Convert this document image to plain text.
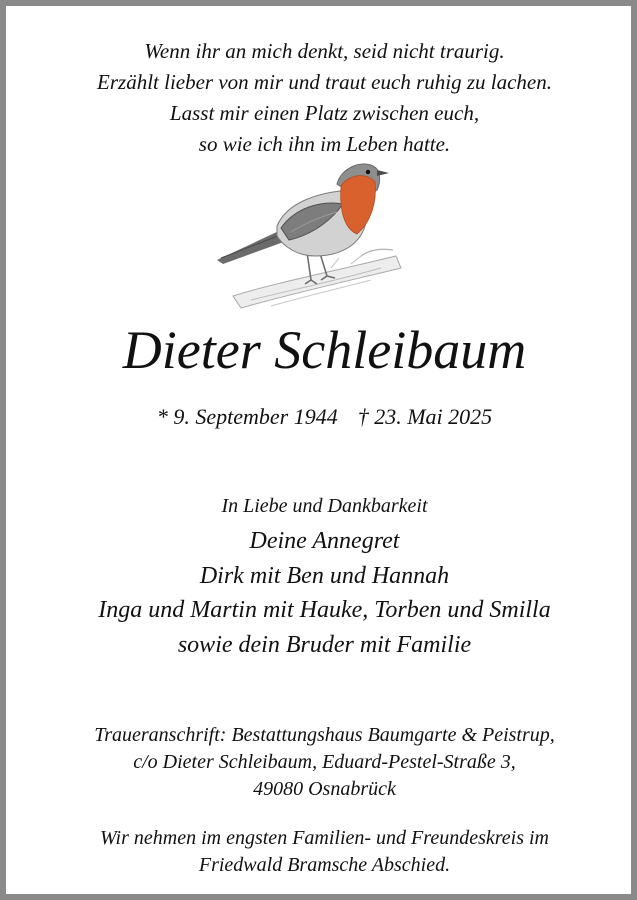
Wenn ihr an mich denkt, seid nicht traurig.
Erzählt lieber von mir und traut euch ruhig zu lachen.
Lasst mir einen Platz zwischen euch,
so wie ich ihn im Leben hatte.
Dieter Schleibaum
* 9. September 1944 † 23. Mai 2025
In Liebe und Dankbarkeit
Deine Annegret
Dirk mit Ben und Hannah
Inga und Martin mit Hauke, Torben und Smilla
sowie dein Bruder mit Familie
Traueranschrift: Bestattungshaus Baumgarte & Peistrup,
c/o Dieter Schleibaum, Eduard-Pestel-Straße 3,
49080 Osnabrück
Wir nehmen im engsten Familien- und Freundeskreis im
Friedwald Bramsche Abschied.
